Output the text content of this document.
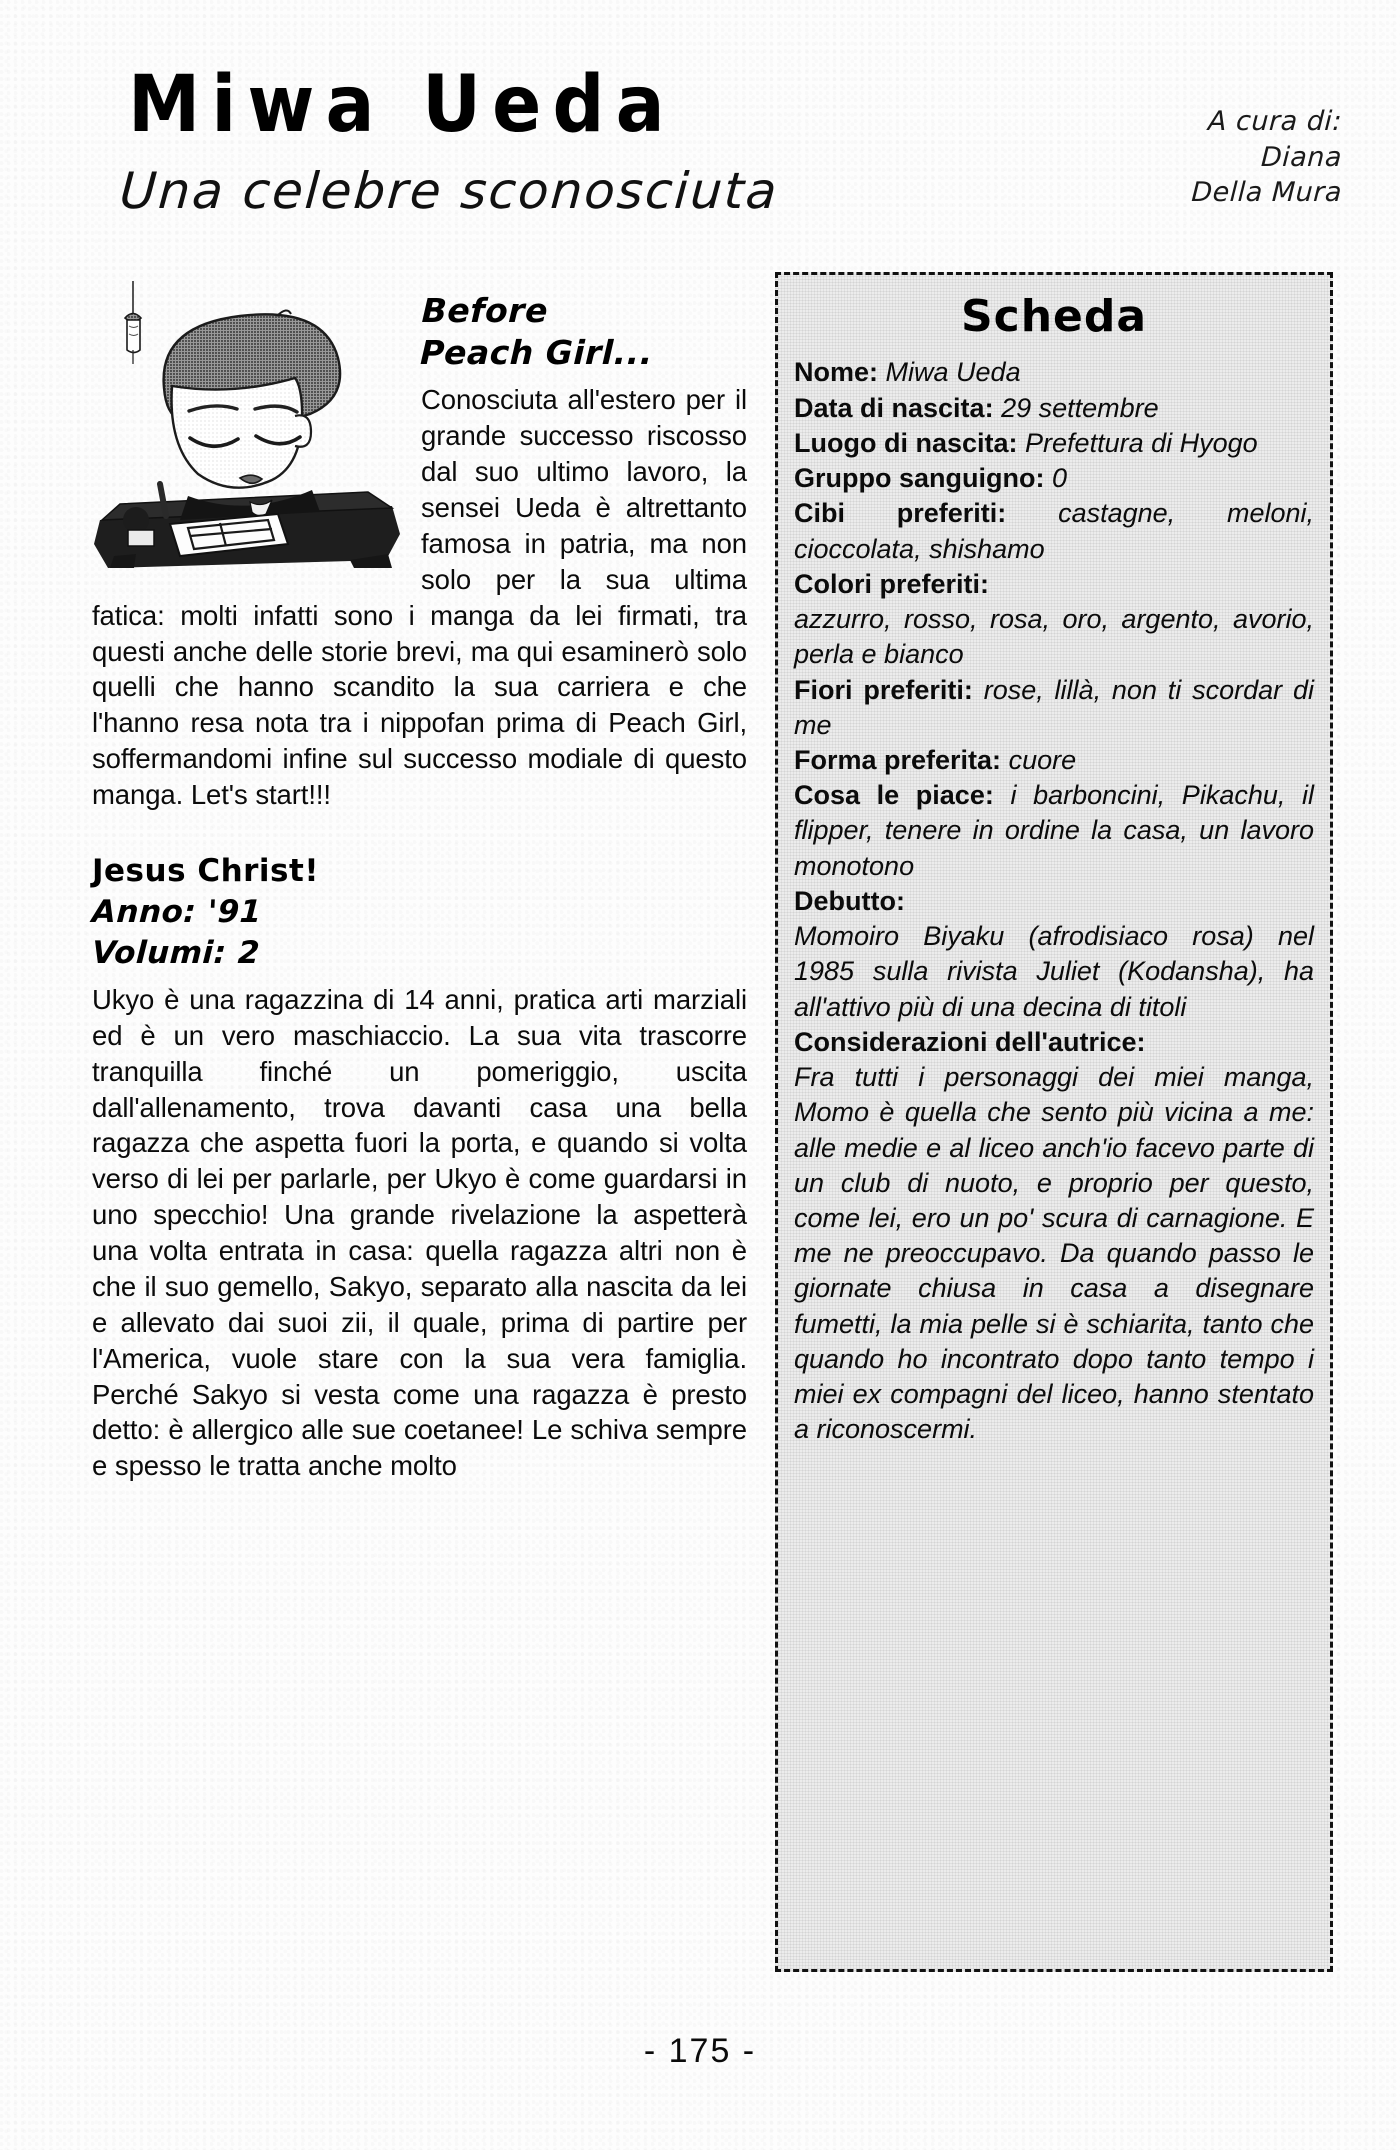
Miwa Ueda
Una celebre sconosciuta
A cura di:
Diana
Della Mura
Before
Peach Girl...

Conosciuta all'estero per il grande successo riscosso dal suo ultimo lavoro, la sensei Ueda è altrettanto famosa in patria, ma non solo per la sua ultima fatica: molti infatti sono i manga da lei firmati, tra questi anche delle storie brevi, ma qui esaminerò solo quelli che hanno scandito la sua carriera e che l'hanno resa nota tra i nippofan prima di Peach Girl, soffermandomi infine sul successo modiale di questo manga. Let's start!!!

Jesus Christ!
Anno: '91
Volumi: 2

Ukyo è una ragazzina di 14 anni, pratica arti marziali ed è un vero maschiaccio. La sua vita trascorre tranquilla finché un pomeriggio, uscita dall'allenamento, trova davanti casa una bella ragazza che aspetta fuori la porta, e quando si volta verso di lei per parlarle, per Ukyo è come guardarsi in uno specchio! Una grande rivelazione la aspetterà una volta entrata in casa: quella ragazza altri non è che il suo gemello, Sakyo, separato alla nascita da lei e allevato dai suoi zii, il quale, prima di partire per l'America, vuole stare con la sua vera famiglia. Perché Sakyo si vesta come una ragazza è presto detto: è allergico alle sue coetanee! Le schiva sempre e spesso le tratta anche molto

Scheda

Nome: Miwa Ueda

Data di nascita: 29 settembre

Luogo di nascita: Prefettura di Hyogo

Gruppo sanguigno: 0

Cibi preferiti: castagne, meloni, cioccolata, shishamo

Colori preferiti:

azzurro, rosso, rosa, oro, argento, avorio, perla e bianco

Fiori preferiti: rose, lillà, non ti scordar di me

Forma preferita: cuore

Cosa le piace: i barboncini, Pikachu, il flipper, tenere in ordine la casa, un lavoro monotono

Debutto:

Momoiro Biyaku (afrodisiaco rosa) nel 1985 sulla rivista Juliet (Kodansha), ha all'attivo più di una decina di titoli

Considerazioni dell'autrice:

Fra tutti i personaggi dei miei manga, Momo è quella che sento più vicina a me: alle medie e al liceo anch'io facevo parte di un club di nuoto, e proprio per questo, come lei, ero un po' scura di carnagione. E me ne preoccupavo. Da quando passo le giornate chiusa in casa a disegnare fumetti, la mia pelle si è schiarita, tanto che quando ho incontrato dopo tanto tempo i miei ex compagni del liceo, hanno stentato a riconoscermi.

- 175 -
